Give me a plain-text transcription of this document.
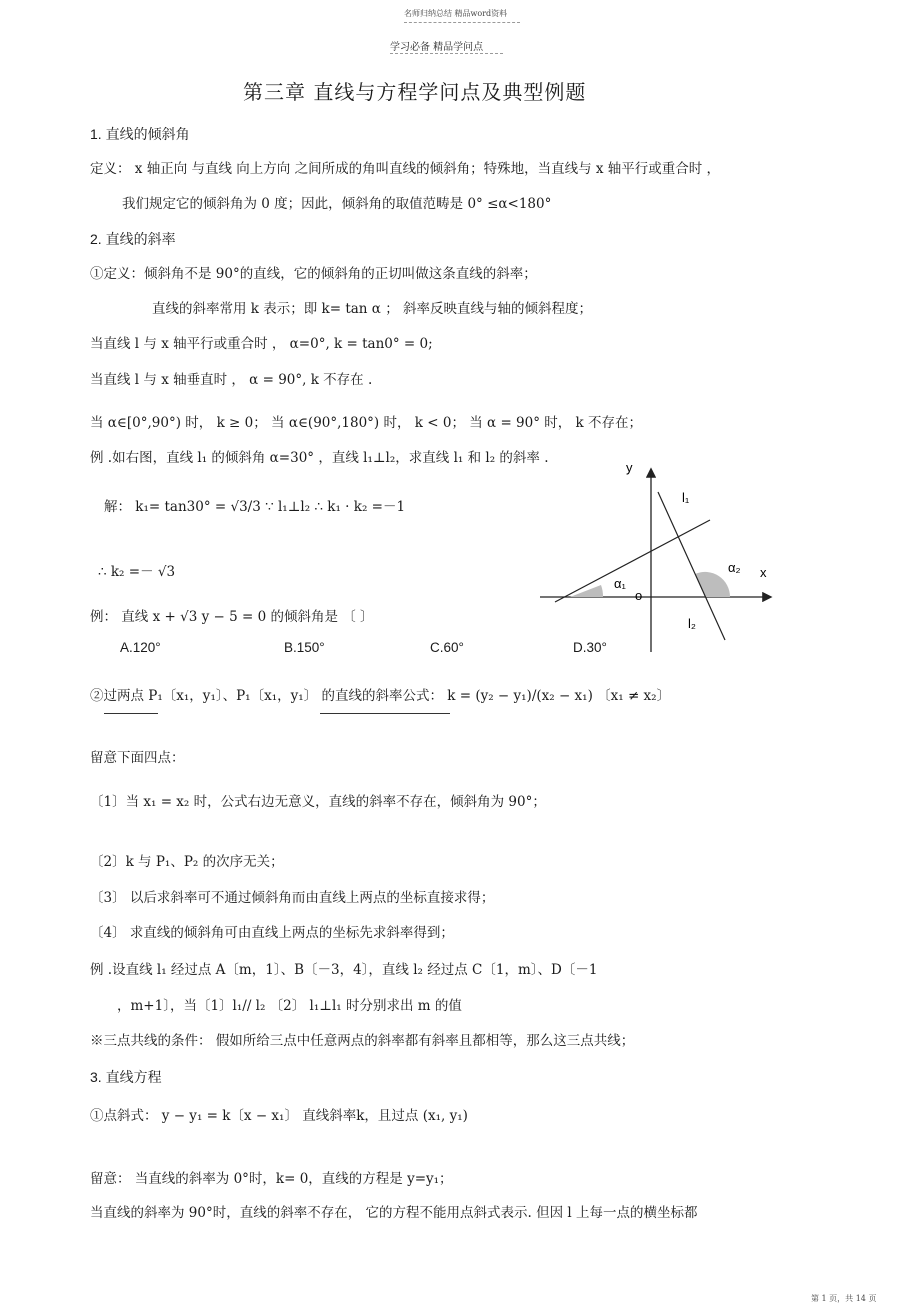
名师归纳总结 精品word资料
学习必备 精品学问点
第三章 直线与方程学问点及典型例题
1. 直线的倾斜角
定义： x 轴正向 与直线 向上方向 之间所成的角叫直线的倾斜角；特殊地，当直线与 x 轴平行或重合时 ，
我们规定它的倾斜角为 0 度；因此，倾斜角的取值范畴是 0° ≤α<180°
2. 直线的斜率
①定义：倾斜角不是 90°的直线，它的倾斜角的正切叫做这条直线的斜率；
直线的斜率常用 k 表示；即 k= tan α ； 斜率反映直线与轴的倾斜程度；
当直线 l 与 x 轴平行或重合时 ， α=0°, k = tan0° = 0;
当直线 l 与 x 轴垂直时 ， α = 90°, k 不存在 .
当 α∈[0°,90°) 时， k ≥ 0； 当 α∈(90°,180°) 时， k < 0； 当 α = 90° 时， k 不存在；
例 .如右图，直线 l₁ 的倾斜角 α=30° ，直线 l₁⊥l₂，求直线 l₁ 和 l₂ 的斜率 .
解： k₁= tan30° = √3/3 ∵ l₁⊥l₂ ∴ k₁ · k₂ =－1
∴ k₂ =－ √3
y
x
o
l₁
l₂
α₁
α₂
例： 直线 x + √3 y − 5 = 0 的倾斜角是 〔 〕
A.120°	B.150°	C.60°	D.30°
②过两点 P₁〔x₁，y₁〕、P₁〔x₁，y₁〕 的直线的斜率公式： k = (y₂ − y₁)/(x₂ − x₁) 〔x₁ ≠ x₂〕
留意下面四点：
〔1〕当 x₁ = x₂ 时，公式右边无意义，直线的斜率不存在，倾斜角为 90°；
〔2〕k 与 P₁、P₂ 的次序无关；
〔3〕 以后求斜率可不通过倾斜角而由直线上两点的坐标直接求得；
〔4〕 求直线的倾斜角可由直线上两点的坐标先求斜率得到；
例 .设直线 l₁ 经过点 A〔m，1〕、B〔－3，4〕，直线 l₂ 经过点 C〔1，m〕、D〔－1
，m+1〕，当〔1〕l₁// l₂ 〔2〕 l₁⊥l₁ 时分别求出 m 的值
※三点共线的条件： 假如所给三点中任意两点的斜率都有斜率且都相等，那么这三点共线；
3. 直线方程
①点斜式： y − y₁ = k〔x − x₁〕 直线斜率k，且过点 (x₁, y₁)
留意： 当直线的斜率为 0°时，k= 0，直线的方程是 y=y₁；
当直线的斜率为 90°时，直线的斜率不存在， 它的方程不能用点斜式表示. 但因 l 上每一点的横坐标都
第 1 页，共 14 页
